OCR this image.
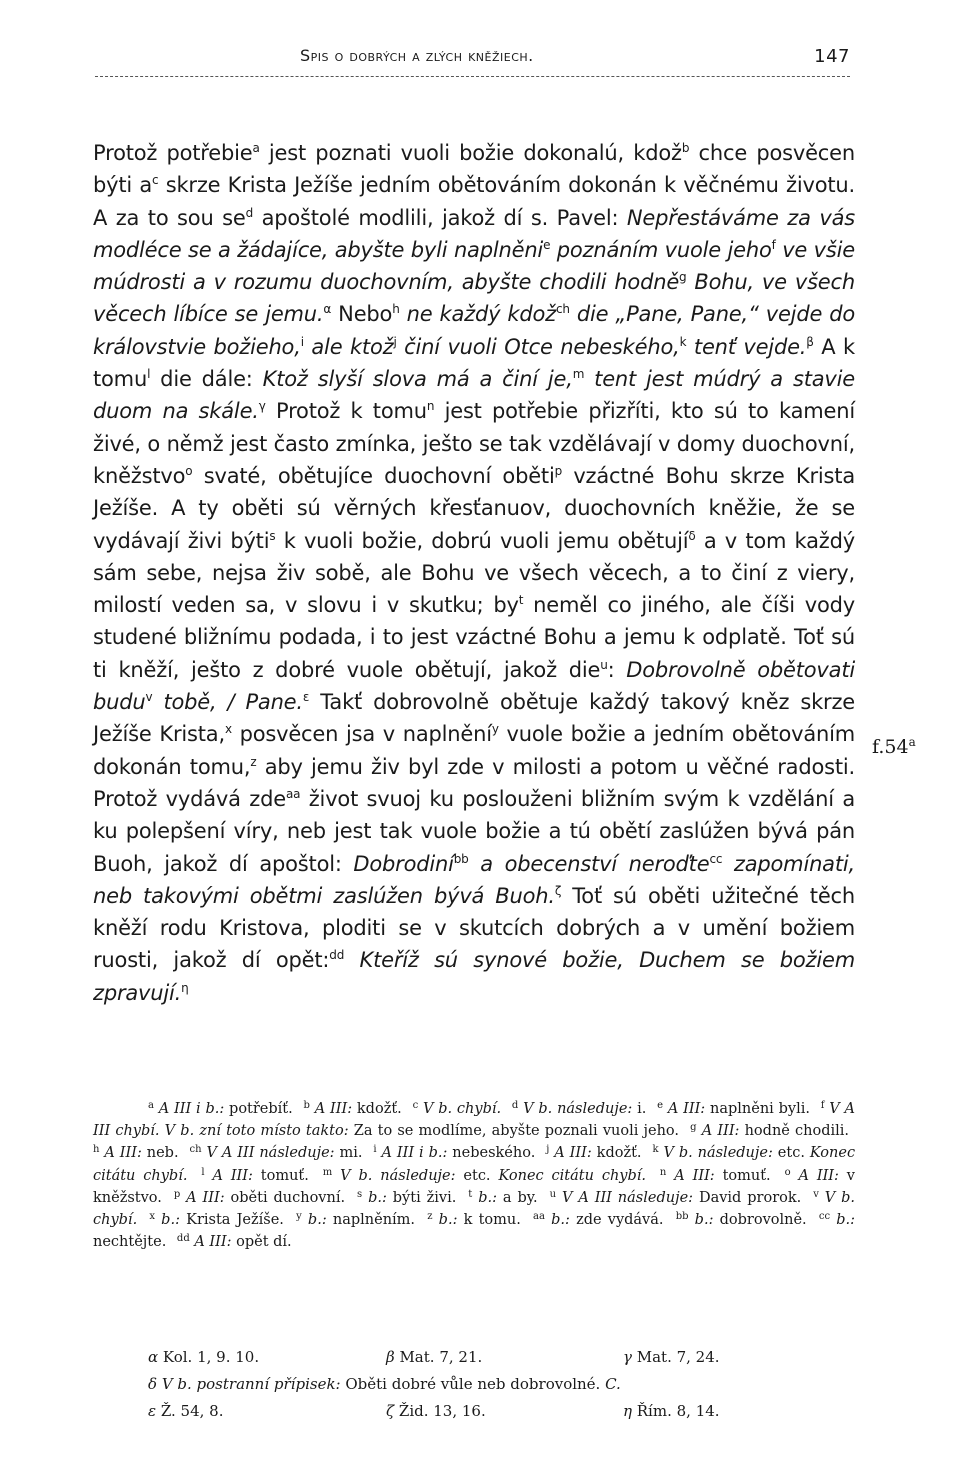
Spis o dobrých a zlých kněžiech.	147
Protož potřebie$^a$ jest poznati vuoli božie dokonalú, kdož$^b$ chce posvěcen býti $a^c$ skrze Krista Ježíše jedním obětováním dokonán k věčnému životu. A za to sou $se^d$ apoštolé modlili, jakož dí s. Pavel: Nepřestáváme za vás modléce se a žádajíce, abyšte byli naplněni$^e$ poznáním vuole jeho$^f$ ve všie múdrosti a v rozumu duochovním, abyšte chodili hodně$^g$ Bohu, ve všech věcech líbíce se jemu.$^\alpha$ Nebo$^h$ ne každý kdož$^{ch}$ die „Pane, Pane,“ vejde do královstvie božieho,$^i$ ale ktož$^j$ činí vuoli Otce nebeského,$^k$ tenť vejde.$^\beta$ A k tomu$^l$ die dále: Ktož slyší slova má a činí je,$^m$ tent jest múdrý a stavie duom na skále.$^\gamma$ Protož k tomu$^n$ jest potřebie přizříti, kto sú to kamení živé, o němž jest často zmínka, ješto se tak vzdělávají v domy duochovní, kněžstvo$^o$ svaté, obětujíce duochovní oběti$^p$ vzáctné Bohu skrze Krista Ježíše. A ty oběti sú věrných křesťanuov, duochovních kněžie, že se vydávají živi býti$^s$ k vuoli božie, dobrú vuoli jemu obětují$^\delta$ a v tom každý sám sebe, nejsa živ sobě, ale Bohu ve všech věcech, a to činí z viery, milostí veden sa, v slovu i v skutku; $by^t$ neměl co jiného, ale číši vody studené bližnímu podada, i to jest vzáctné Bohu a jemu k odplatě. Toť sú ti kněží, ješto z dobré vuole obětují, jakož die$^u$: Dobrovolně obětovati budu$^v$ tobě, / Pane.$^\varepsilon$ Takť dobrovolně obětuje každý takový kněz skrze Ježíše Krista,$^x$ posvěcen jsa v naplnění$^y$ vuole božie a jedním obětováním dokonán tomu,$^z$ aby jemu živ byl zde v milosti a potom u věčné radosti. Protož vydává zde$^{aa}$ život svuoj ku poslouženi bližním svým k vzdělání a ku polepšení víry, neb jest tak vuole božie a tú obětí zaslúžen bývá pán Buoh, jakož dí apoštol: Dobrodiní$^{bb}$ a obecenství neroďte$^{cc}$ zapomínati, neb takovými obětmi zaslúžen bývá Buoh.$^\zeta$ Toť sú oběti užitečné těch kněží rodu Kristova, ploditi se v skutcích dobrých a v umění božiem ruosti, jakož dí opět:$^{dd}$ Kteříž sú synové božie, Duchem se božiem zpravují.$^\eta$
f.54$^a$
$^a$ A III i b.: potřebíť. $^b$ A III: kdožť. $^c$ V b. chybí. $^d$ V b. následuje: i. $^e$ A III: naplněni byli. $^f$ V A III chybí. V b. zní toto místo takto: Za to se modlíme, abyšte poznali vuoli jeho. $^g$ A III: hodně chodili. $^h$ A III: neb. $^{ch}$ V A III následuje: mi. $^i$ A III i b.: nebeského. $^j$ A III: kdožť. $^k$ V b. následuje: etc. Konec citátu chybí. $^l$ A III: tomuť. $^m$ V b. následuje: etc. Konec citátu chybí. $^n$ A III: tomuť. $^o$ A III: v kněžstvo. $^p$ A III: oběti duchovní. $^s$ b.: býti živi. $^t$ b.: a by. $^u$ V A III následuje: David prorok. $^v$ V b. chybí. $^x$ b.: Krista Ježíše. $^y$ b.: naplněním. $^z$ b.: k tomu. $^{aa}$ b.: zde vydává. $^{bb}$ b.: dobrovolně. $^{cc}$ b.: nechtějte. $^{dd}$ A III: opět dí.
α Kol. 1, 9. 10.	β Mat. 7, 21.	γ Mat. 7, 24.
δ V b. postranní přípisek: Oběti dobré vůle neb dobrovolné. C.
ε Ž. 54, 8.	ζ Žid. 13, 16.	η Řím. 8, 14.
